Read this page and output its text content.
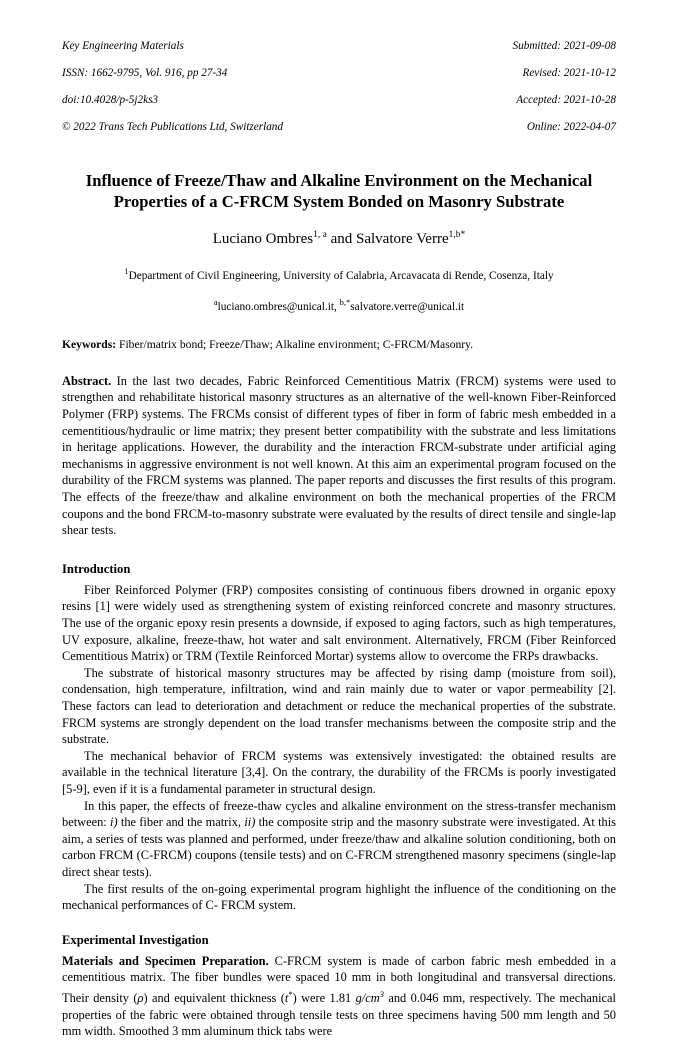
Key Engineering Materials

ISSN: 1662-9795, Vol. 916, pp 27-34

doi:10.4028/p-5j2ks3

© 2022 Trans Tech Publications Ltd, Switzerland

Submitted: 2021-09-08

Revised: 2021-10-12

Accepted: 2021-10-28

Online: 2022-04-07

Influence of Freeze/Thaw and Alkaline Environment on the Mechanical Properties of a C-FRCM System Bonded on Masonry Substrate
Luciano Ombres$^{1, a}$ and Salvatore Verre$^{1,b*}$
$^1$Department of Civil Engineering, University of Calabria, Arcavacata di Rende, Cosenza, Italy
$^a$luciano.ombres@unical.it, $^{b,*}$salvatore.verre@unical.it
Keywords: Fiber/matrix bond; Freeze/Thaw; Alkaline environment; C-FRCM/Masonry.
Abstract. In the last two decades, Fabric Reinforced Cementitious Matrix (FRCM) systems were used to strengthen and rehabilitate historical masonry structures as an alternative of the well-known Fiber-Reinforced Polymer (FRP) systems. The FRCMs consist of different types of fiber in form of fabric mesh embedded in a cementitious/hydraulic or lime matrix; they present better compatibility with the substrate and less limitations in heritage applications. However, the durability and the interaction FRCM-substrate under artificial aging mechanisms in aggressive environment is not well known. At this aim an experimental program focused on the durability of the FRCM systems was planned. The paper reports and discusses the first results of this program. The effects of the freeze/thaw and alkaline environment on both the mechanical properties of the FRCM coupons and the bond FRCM-to-masonry substrate were evaluated by the results of direct tensile and single-lap shear tests.
Introduction
Fiber Reinforced Polymer (FRP) composites consisting of continuous fibers drowned in organic epoxy resins [1] were widely used as strengthening system of existing reinforced concrete and masonry structures. The use of the organic epoxy resin presents a downside, if exposed to aging factors, such as high temperatures, UV exposure, alkaline, freeze-thaw, hot water and salt environment. Alternatively, FRCM (Fiber Reinforced Cementitious Matrix) or TRM (Textile Reinforced Mortar) systems allow to overcome the FRPs drawbacks.
The substrate of historical masonry structures may be affected by rising damp (moisture from soil), condensation, high temperature, infiltration, wind and rain mainly due to water or vapor permeability [2]. These factors can lead to deterioration and detachment or reduce the mechanical properties of the substrate. FRCM systems are strongly dependent on the load transfer mechanisms between the composite strip and the substrate.
The mechanical behavior of FRCM systems was extensively investigated: the obtained results are available in the technical literature [3,4]. On the contrary, the durability of the FRCMs is poorly investigated [5-9], even if it is a fundamental parameter in structural design.
In this paper, the effects of freeze-thaw cycles and alkaline environment on the stress-transfer mechanism between: i) the fiber and the matrix, ii) the composite strip and the masonry substrate were investigated. At this aim, a series of tests was planned and performed, under freeze/thaw and alkaline solution conditioning, both on carbon FRCM (C-FRCM) coupons (tensile tests) and on C-FRCM strengthened masonry specimens (single-lap direct shear tests).
The first results of the on-going experimental program highlight the influence of the conditioning on the mechanical performances of C- FRCM system.
Experimental Investigation
Materials and Specimen Preparation. C-FRCM system is made of carbon fabric mesh embedded in a cementitious matrix. The fiber bundles were spaced 10 mm in both longitudinal and transversal directions. Their density (ρ) and equivalent thickness (t*) were 1.81 $g/cm^3$ and 0.046 mm, respectively. The mechanical properties of the fabric were obtained through tensile tests on three specimens having 500 mm length and 50 mm width. Smoothed 3 mm aluminum thick tabs were
